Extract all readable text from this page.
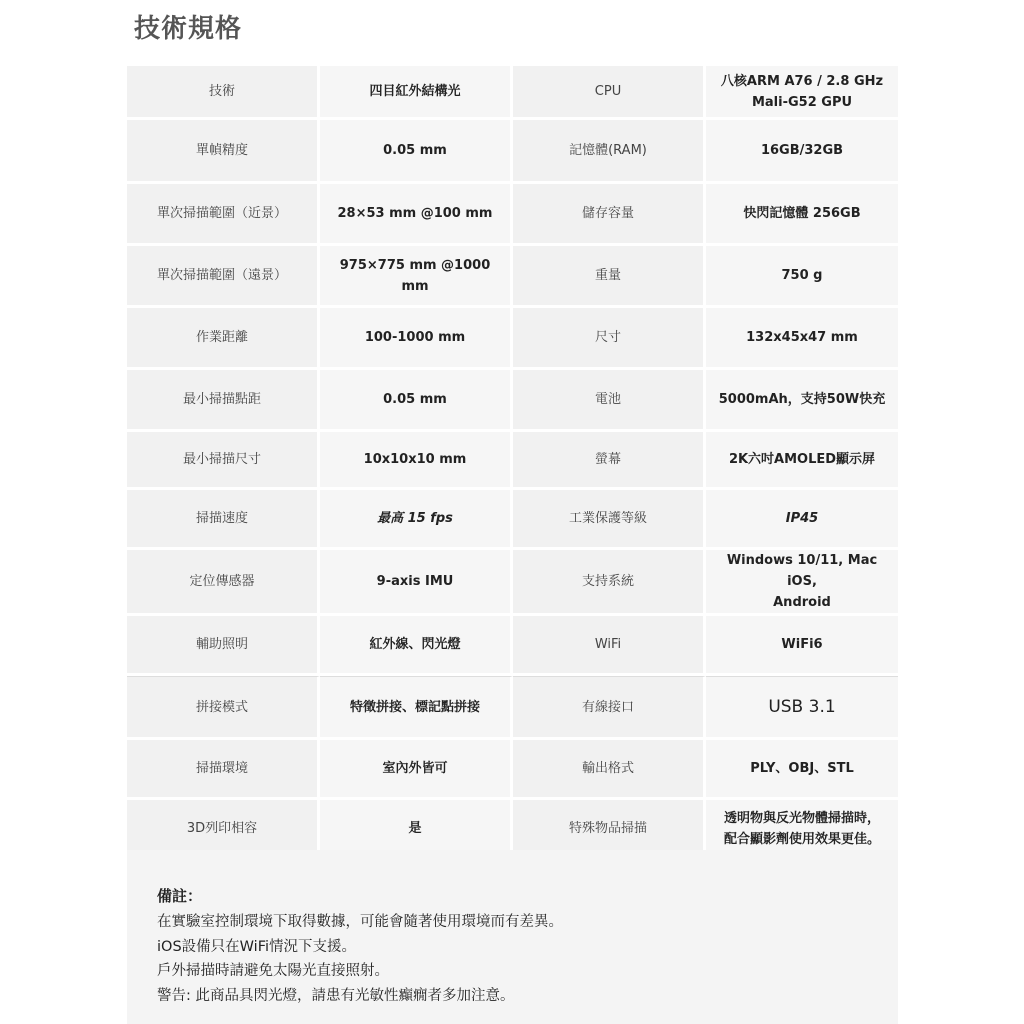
技術規格
技術	四目紅外結構光	CPU	八核ARM A76 / 2.8 GHz
Mali-G52 GPU
單幀精度	0.05 mm	記憶體(RAM)	16GB/32GB
單次掃描範圍（近景）	28×53 mm @100 mm	儲存容量	快閃記憶體 256GB
單次掃描範圍（遠景）	975×775 mm @1000 mm	重量	750 g
作業距離	100-1000 mm	尺寸	132x45x47 mm
最小掃描點距	0.05 mm	電池	5000mAh，支持50W快充
最小掃描尺寸	10x10x10 mm	螢幕	2K六吋AMOLED顯示屏
掃描速度	最高 15 fps	工業保護等級	IP45
定位傳感器	9-axis IMU	支持系統	Windows 10/11, Mac iOS,
Android
輔助照明	紅外線、閃光燈	WiFi	WiFi6
拼接模式	特徵拼接、標記點拼接	有線接口	USB 3.1
掃描環境	室內外皆可	輸出格式	PLY、OBJ、STL
3D列印相容	是	特殊物品掃描	透明物與反光物體掃描時，
配合顯影劑使用效果更佳。
備註：
在實驗室控制環境下取得數據，可能會隨著使用環境而有差異。
iOS設備只在WiFi情況下支援。
戶外掃描時請避免太陽光直接照射。
警告: 此商品具閃光燈，請患有光敏性癲癇者多加注意。
